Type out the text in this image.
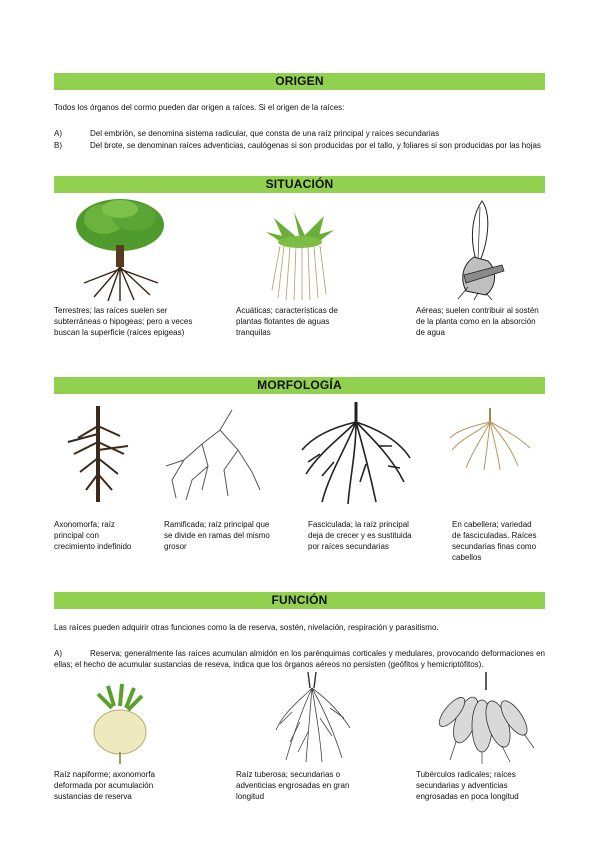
ORIGEN
Todos los órganos del cormo pueden dar origen a raíces. Si el origen de la raíces:
A)	Del embrión, se denomina sistema radicular, que consta de una raíz principal y raíces secundarias
B)	Del brote, se denominan raíces adventicias, caulógenas si son producidas por el tallo, y foliares si son producidas por las hojas
SITUACIÓN
Terrestres; las raíces suelen ser subterráneas o hipogeas; pero a veces buscan la superficie (raíces epigeas)
Acuáticas; características de plantas flotantes de aguas tranquilas
Aéreas; suelen contribuir al sostén de la planta como en la absorción de agua
MORFOLOGÍA
Axonomorfa; raíz principal con crecimiento indefinido
Ramificada; raíz principal que se divide en ramas del mismo grosor
Fasciculada; la raíz principal deja de crecer y es sustituida por raíces secundarias
En cabellera; variedad de fasciculadas. Raíces secundarias finas como cabellos
FUNCIÓN
Las raíces pueden adquirir otras funciones como la de reserva, sostén, nivelación, respiración y parasitismo.
A)	Reserva; generalmente las raíces acumulan almidón en los parénquimas corticales y medulares, provocando deformaciones en ellas; el hecho de acumular sustancias de reseva, indica que los órganos aéreos no persisten (geófitos y hemicriptófitos).
Raíz napiforme; axonomorfa deformada por acumulación sustancias de reserva
Raíz tuberosa; secundarias o adventicias engrosadas en gran longitud
Tubérculos radicales; raíces secundarias y adventicias engrosadas en poca longitud
